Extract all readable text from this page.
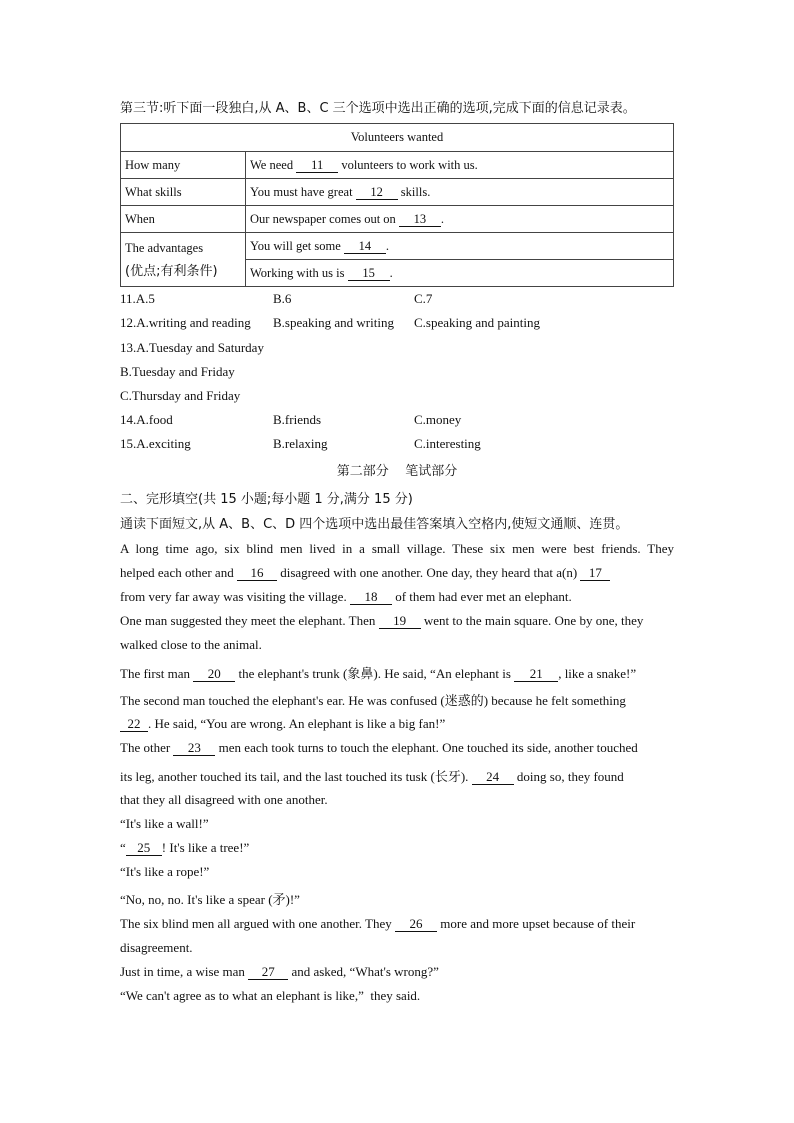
第三节:听下面一段独白,从 A、B、C 三个选项中选出正确的选项,完成下面的信息记录表。
Volunteers wanted	
How many	We need 11 volunteers to work with us.
What skills	You must have great 12 skills.
When	Our newspaper comes out on 13 .

The advantages
(优点;有利条件)	You will get some 14 .
	Working with us is 15 .
11.A.5	B.6	C.7
12.A.writing and reading B.speaking and writing C.speaking and painting
13.A.Tuesday and Saturday
B.Tuesday and Friday
C.Thursday and Friday
14.A.food	B.friends	C.money
15.A.exciting	B.relaxing	C.interesting
第二部分    笔试部分
二、完形填空(共 15 小题;每小题 1 分,满分 15 分)
通读下面短文,从 A、B、C、D 四个选项中选出最佳答案填入空格内,使短文通顺、连贯。
A long time ago, six blind men lived in a small village. These six men were best friends. They
helped each other and 16 disagreed with one another. One day, they heard that a(n) 17
from very far away was visiting the village. 18 of them had ever met an elephant.
One man suggested they meet the elephant. Then 19 went to the main square. One by one, they
walked close to the animal.
The first man 20 the elephant's trunk (象鼻). He said, “An elephant is 21 , like a snake!”
The second man touched the elephant's ear. He was confused (迷惑的) because he felt something
22 . He said, “You are wrong. An elephant is like a big fan!”
The other 23 men each took turns to touch the elephant. One touched its side, another touched
its leg, another touched its tail, and the last touched its tusk (长牙). 24 doing so, they found
that they all disagreed with one another.
“It's like a wall!”
“ 25 ! It's like a tree!”
“It's like a rope!”
“No, no, no. It's like a spear (矛)!”
The six blind men all argued with one another. They 26 more and more upset because of their
disagreement.
Just in time, a wise man 27 and asked, “What's wrong?”
“We can't agree as to what an elephant is like,”  they said.
